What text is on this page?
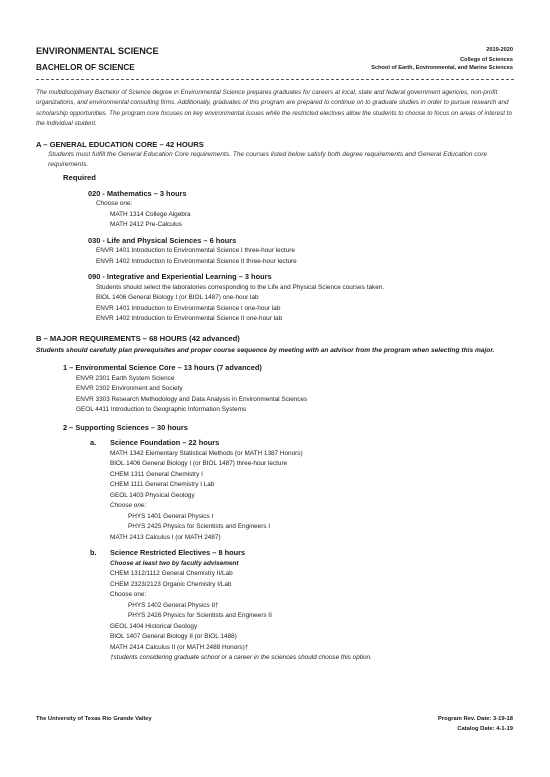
ENVIRONMENTAL SCIENCE
BACHELOR OF SCIENCE
2019-2020
College of Sciences
School of Earth, Environmental, and Marine Sciences
The multidisciplinary Bachelor of Science degree in Environmental Science prepares graduates for careers at local, state and federal government agencies, non-profit organizations, and environmental consulting firms. Additionally, graduates of this program are prepared to continue on to graduate studies in order to pursue research and scholarship opportunities. The program core focuses on key environmental issues while the restricted electives allow the students to choose to focus on areas of interest to the individual student.
A – GENERAL EDUCATION CORE – 42 HOURS
Students must fulfill the General Education Core requirements. The courses listed below satisfy both degree requirements and General Education core requirements.
Required
020 - Mathematics – 3 hours
Choose one:
MATH 1314 College Algebra
MATH 2412 Pre-Calculus
030 - Life and Physical Sciences – 6 hours
ENVR 1401 Introduction to Environmental Science I three-hour lecture
ENVR 1402 Introduction to Environmental Science II three-hour lecture
090 - Integrative and Experiential Learning – 3 hours
Students should select the laboratories corresponding to the Life and Physical Science courses taken.
BIOL 1406 General Biology I (or BIOL 1487) one-hour lab
ENVR 1401 Introduction to Environmental Science I one-hour lab
ENVR 1402 Introduction to Environmental Science II one-hour lab
B – MAJOR REQUIREMENTS – 68 HOURS (42 advanced)
Students should carefully plan prerequisites and proper course sequence by meeting with an advisor from the program when selecting this major.
1 – Environmental Science Core – 13 hours (7 advanced)
ENVR 2301 Earth System Science
ENVR 2302 Environment and Society
ENVR 3303 Research Methodology and Data Analysis in Environmental Sciences
GEOL 4411 Introduction to Geographic Information Systems
2 – Supporting Sciences – 30 hours
a. Science Foundation – 22 hours
MATH 1342 Elementary Statistical Methods (or MATH 1387 Honors)
BIOL 1406 General Biology I (or BIOL 1487) three-hour lecture
CHEM 1311 General Chemistry I
CHEM 1111 General Chemistry I Lab
GEOL 1403 Physical Geology
Choose one:
PHYS 1401 General Physics I
PHYS 2425 Physics for Scientists and Engineers I
MATH 2413 Calculus I (or MATH 2487)
b. Science Restricted Electives – 8 hours
Choose at least two by faculty advisement
CHEM 1312/1112 General Chemistry II/Lab
CHEM 2323/2123 Organic Chemistry I/Lab
Choose one:
PHYS 1402 General Physics II†
PHYS 2426 Physics for Scientists and Engineers II
GEOL 1404 Historical Geology
BIOL 1407 General Biology II (or BIOL 1488)
MATH 2414 Calculus II (or MATH 2488 Honors)†
†students considering graduate school or a career in the sciences should choose this option.
The University of Texas Rio Grande Valley	Program Rev. Date: 3-19-18
Catalog Date: 4-1-19
